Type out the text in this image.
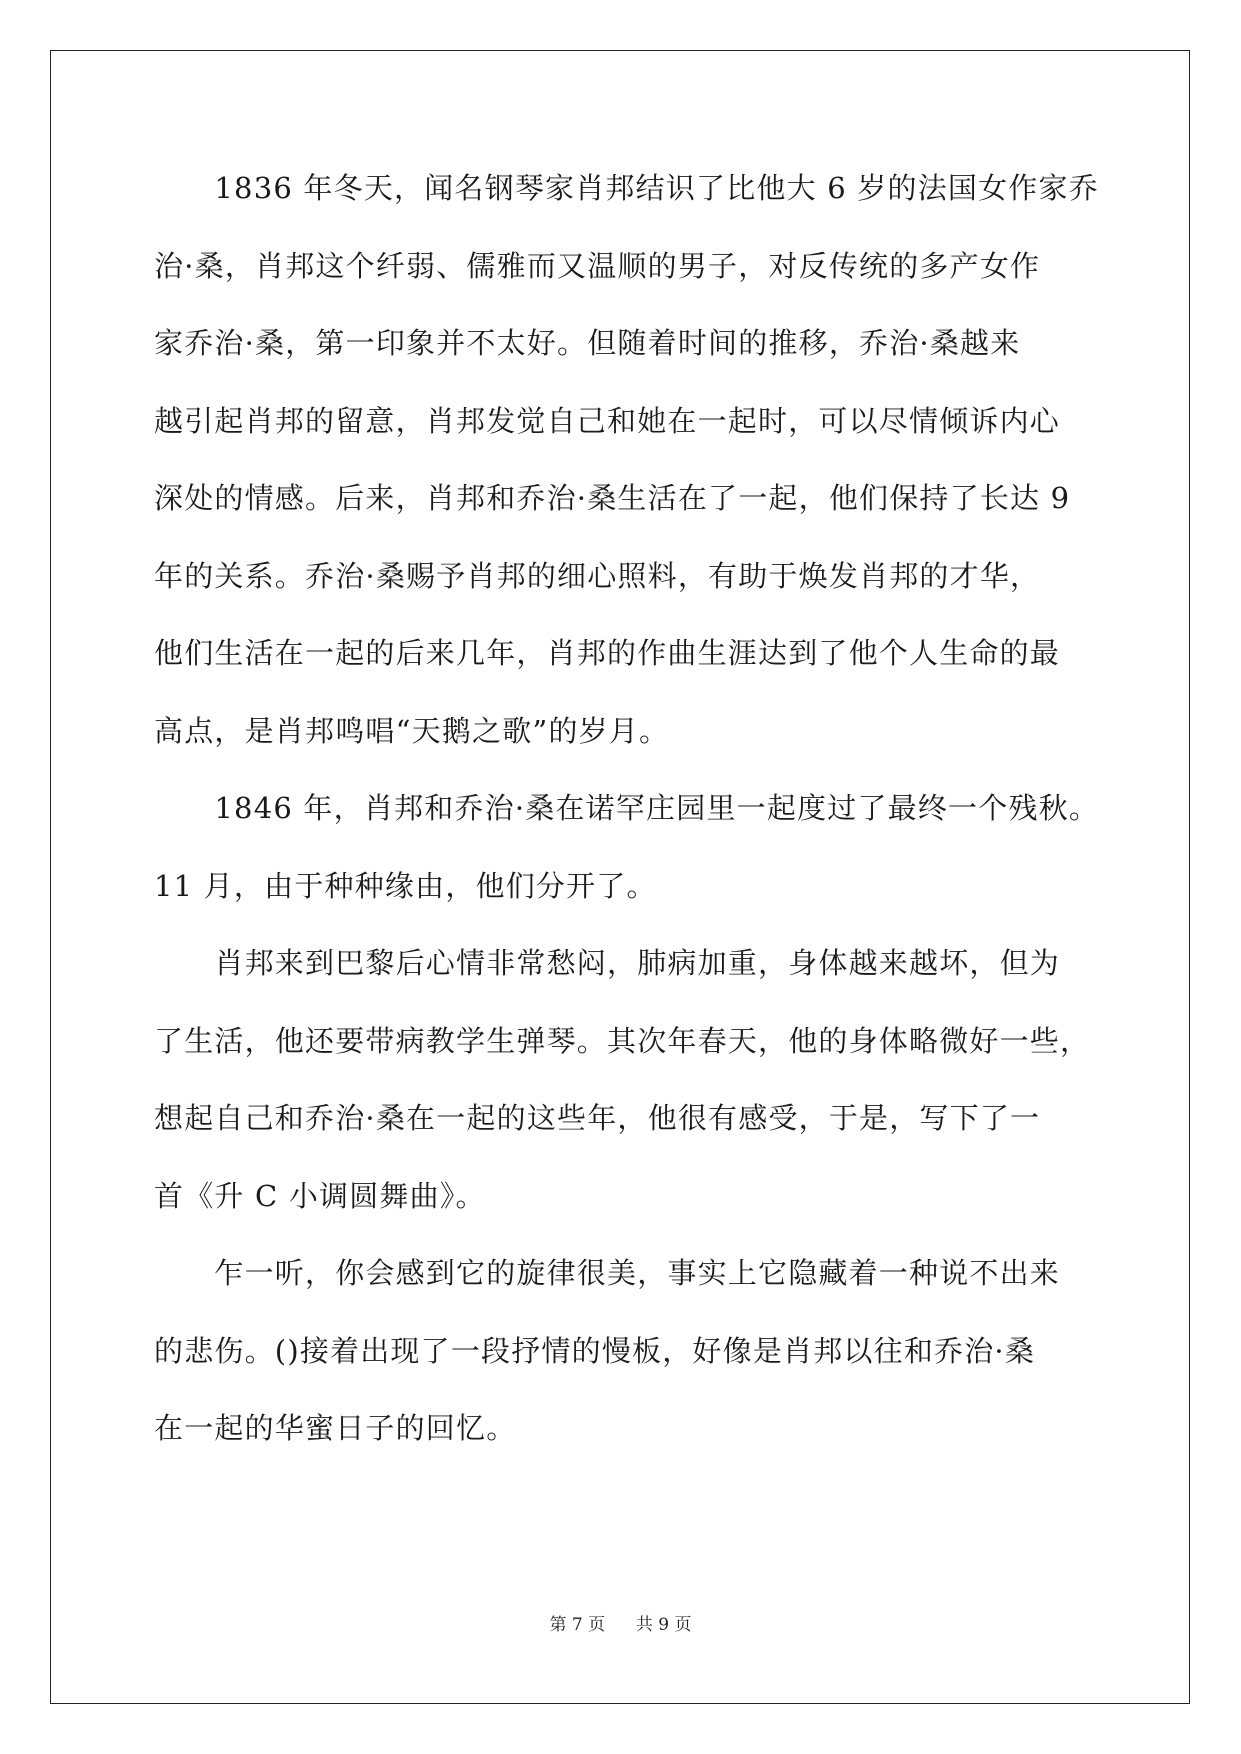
　　1836 年冬天，闻名钢琴家肖邦结识了比他大 6 岁的法国女作家乔
治·桑，肖邦这个纤弱、儒雅而又温顺的男子，对反传统的多产女作
家乔治·桑，第一印象并不太好。但随着时间的推移，乔治·桑越来
越引起肖邦的留意，肖邦发觉自己和她在一起时，可以尽情倾诉内心
深处的情感。后来，肖邦和乔治·桑生活在了一起，他们保持了长达 9
年的关系。乔治·桑赐予肖邦的细心照料，有助于焕发肖邦的才华，
他们生活在一起的后来几年，肖邦的作曲生涯达到了他个人生命的最
高点，是肖邦鸣唱“天鹅之歌”的岁月。
　　1846 年，肖邦和乔治·桑在诺罕庄园里一起度过了最终一个残秋。
11 月，由于种种缘由，他们分开了。
　　肖邦来到巴黎后心情非常愁闷，肺病加重，身体越来越坏，但为
了生活，他还要带病教学生弹琴。其次年春天，他的身体略微好一些，
想起自己和乔治·桑在一起的这些年，他很有感受，于是，写下了一
首《升 C 小调圆舞曲》。
　　乍一听，你会感到它的旋律很美，事实上它隐藏着一种说不出来
的悲伤。()接着出现了一段抒情的慢板，好像是肖邦以往和乔治·桑
在一起的华蜜日子的回忆。
第 7 页 共 9 页
